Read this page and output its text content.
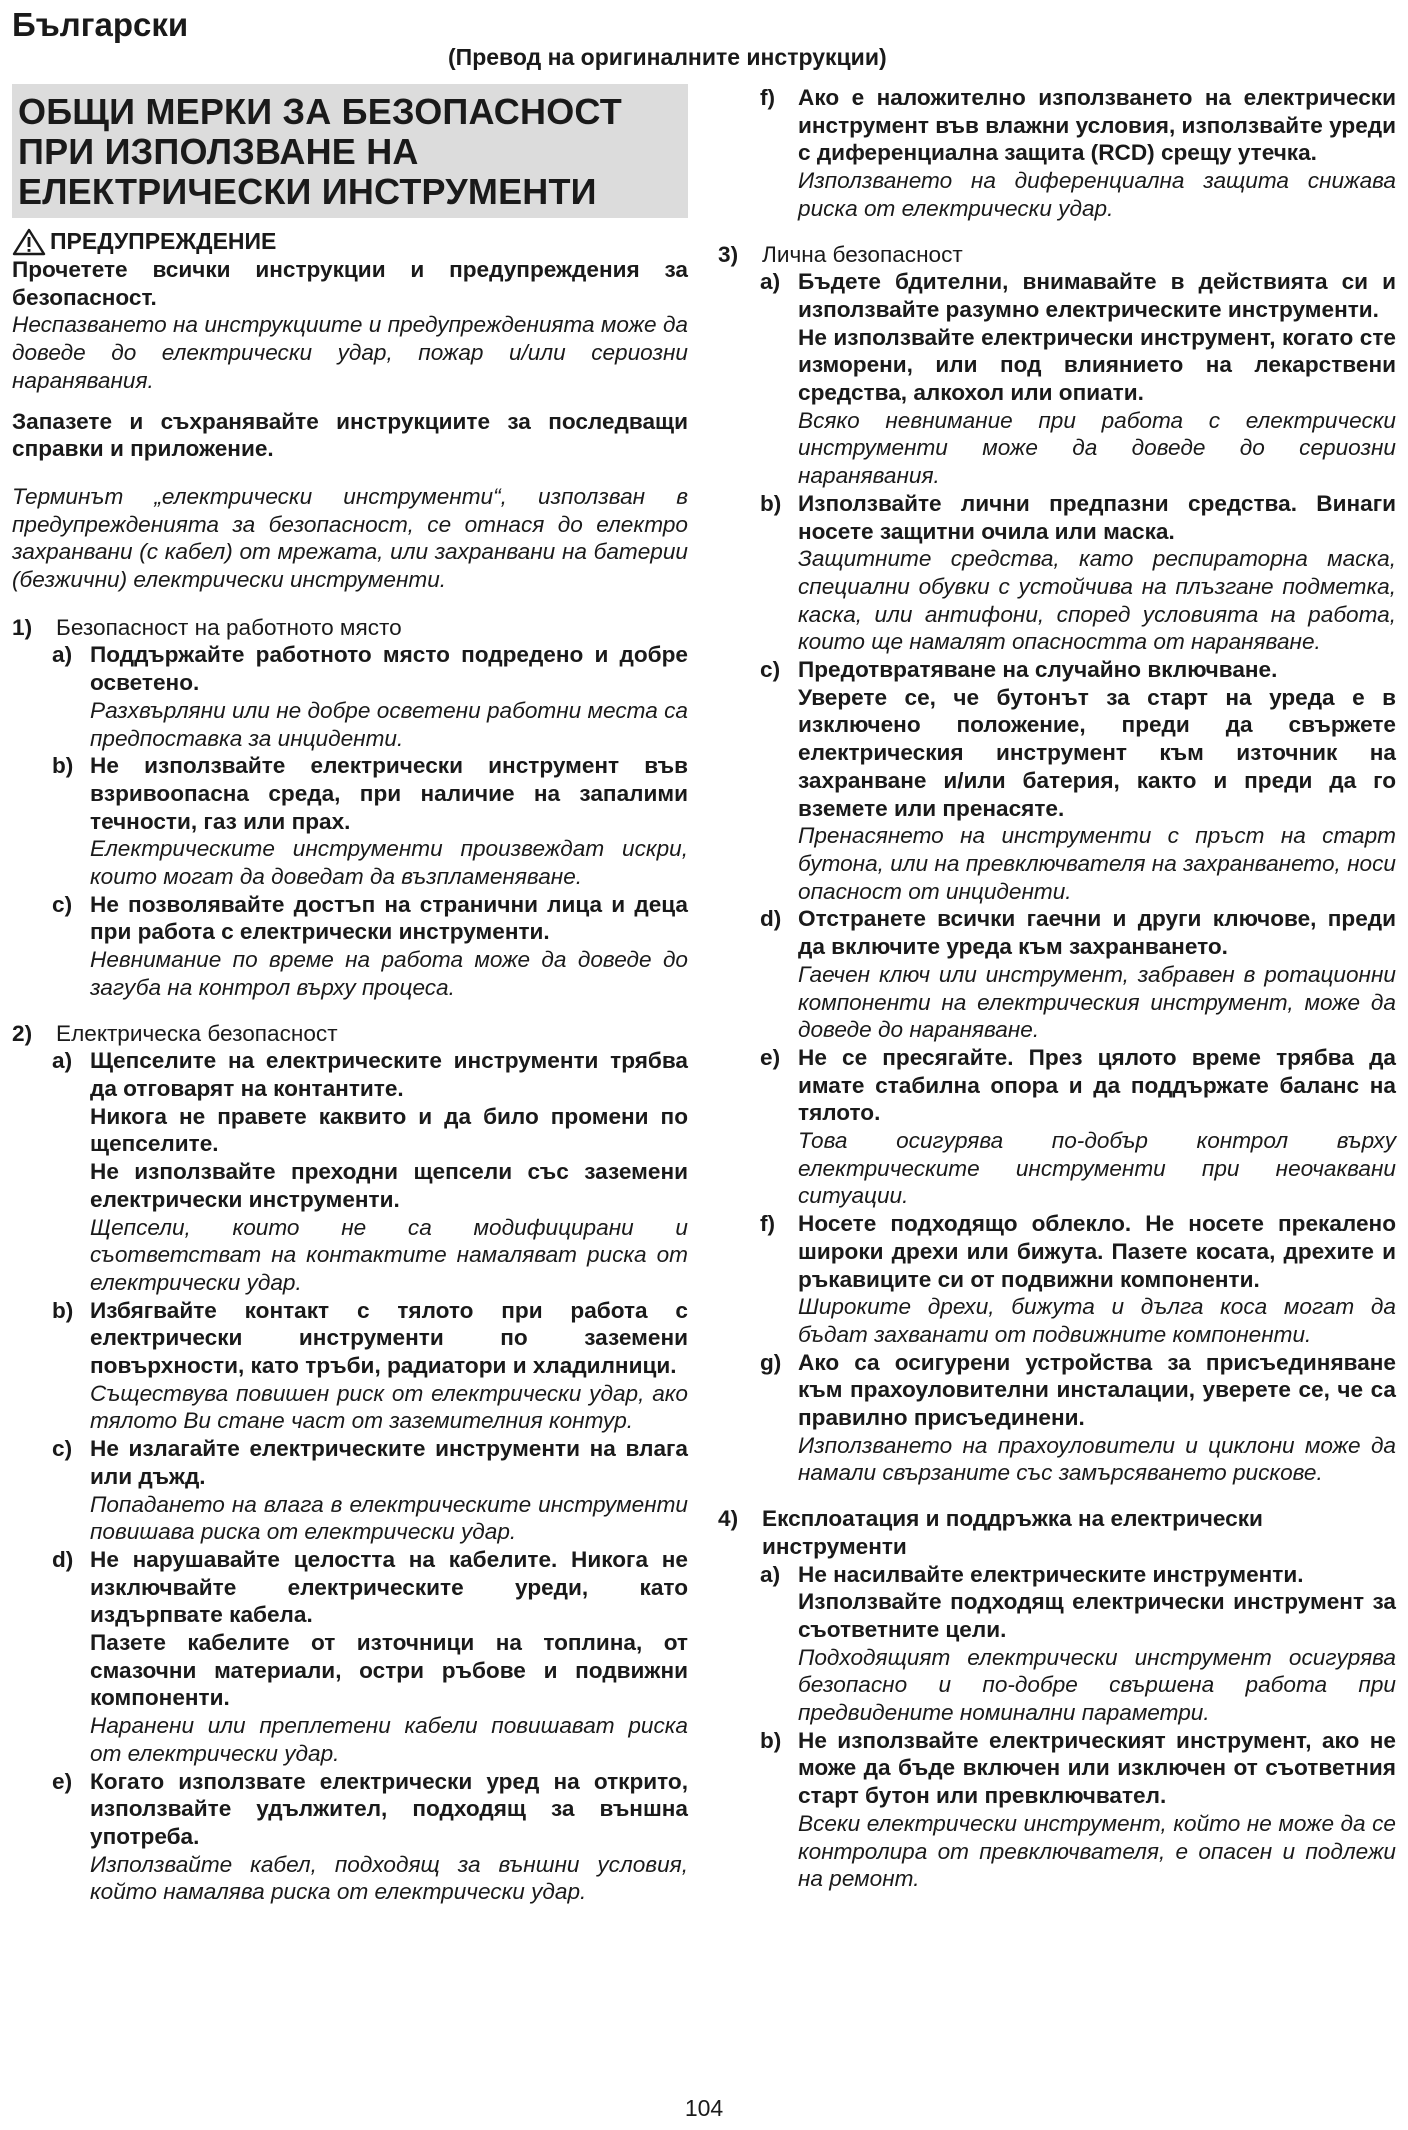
Български
(Превод на оригиналните инструкции)
ОБЩИ МЕРКИ ЗА БЕЗОПАСНОСТ
ПРИ ИЗПОЛЗВАНЕ НА
ЕЛЕКТРИЧЕСКИ ИНСТРУМЕНТИ
ПРЕДУПРЕЖДЕНИЕ

Прочетете всички инструкции и предупреждения за безопасност.

Неспазването на инструкциите и предупрежденията може да доведе до електрически удар, пожар и/или сериозни наранявания.

Запазете и съхранявайте инструкциите за последващи справки и приложение.

Терминът „електрически инструменти“, използван в предупрежденията за безопасност, се отнася до електро захранвани (с кабел) от мрежата, или захранвани на батерии (безжични) електрически инструменти.

1)	Безопасност на работното място
a) Поддържайте работното място подредено и добре осветено.

Разхвърляни или не добре осветени работни места са предпоставка за инциденти.

b) Не използвайте електрически инструмент във взривоопасна среда, при наличие на запалими течности, газ или прах.

Електрическите инструменти произвеждат искри, които могат да доведат да възпламеняване.

c) Не позволявайте достъп на странични лица и деца при работа с електрически инструменти.

Невнимание по време на работа може да доведе до загуба на контрол върху процеса.

2)	Електрическа безопасност
a) Щепселите на електрическите инструменти трябва да отговарят на контантите.

Никога не правете каквито и да било промени по щепселите.

Не използвайте преходни щепсели със заземени електрически инструменти.

Щепсели, които не са модифицирани и съответстват на контактите намаляват риска от електрически удар.

b) Избягвайте контакт с тялото при работа с електрически инструменти по заземени повърхности, като тръби, радиатори и хладилници.

Съществува повишен риск от електрически удар, ако тялото Ви стане част от заземителния контур.

c) Не излагайте електрическите инструменти на влага или дъжд.

Попадането на влага в електрическите инструменти повишава риска от електрически удар.

d) Не нарушавайте целостта на кабелите. Никога не изключвайте електрическите уреди, като издърпвате кабела.

Пазете кабелите от източници на топлина, от смазочни материали, остри ръбове и подвижни компоненти.

Наранени или преплетени кабели повишават риска от електрически удар.

e) Когато използвате електрически уред на открито, използвайте удължител, подходящ за външна употреба.

Използвайте кабел, подходящ за външни условия, който намалява риска от електрически удар.

f)	Ако е наложително използването на електрически инструмент във влажни условия, използвайте уреди с диференциална защита (RCD) срещу утечка.

Използването на диференциална защита снижава риска от електрически удар.

3)	Лична безопасност
a) Бъдете бдителни, внимавайте в действията си и използвайте разумно електрическите инструменти.

Не използвайте електрически инструмент, когато сте изморени, или под влиянието на лекарствени средства, алкохол или опиати.

Всяко невнимание при работа с електрически инструменти може да доведе до сериозни наранявания.

b) Използвайте лични предпазни средства. Винаги носете защитни очила или маска.

Защитните средства, като респираторна маска, специални обувки с устойчива на плъзгане подметка, каска, или антифони, според условията на работа, които ще намалят опасността от нараняване.

c) Предотвратяване на случайно включване.

Уверете се, че бутонът за старт на уреда е в изключено положение, преди да свържете електрическия инструмент към източник на захранване и/или батерия, както и преди да го вземете или пренасяте.

Пренасянето на инструменти с пръст на старт бутона, или на превключвателя на захранването, носи опасност от инциденти.

d) Отстранете всички гаечни и други ключове, преди да включите уреда към захранването.

Гаечен ключ или инструмент, забравен в ротационни компоненти на електрическия инструмент, може да доведе до нараняване.

e) Не се пресягайте. През цялото време трябва да имате стабилна опора и да поддържате баланс на тялото.

Това осигурява по-добър контрол върху електрическите инструменти при неочаквани ситуации.

f)	Носете подходящо облекло. Не носете прекалено широки дрехи или бижута. Пазете косата, дрехите и ръкавиците си от подвижни компоненти.

Широките дрехи, бижута и дълга коса могат да бъдат захванати от подвижните компоненти.

g) Ако са осигурени устройства за присъединяване към прахоуловителни инсталации, уверете се, че са правилно присъединени.

Използването на прахоуловители и циклони може да намали свързаните със замърсяването рискове.

4)	Експлоатация и поддръжка на електрически инструменти
a) Не насилвайте електрическите инструменти.

Използвайте подходящ електрически инструмент за съответните цели.

Подходящият електрически инструмент осигурява безопасно и по-добре свършена работа при предвидените номинални параметри.

b) Не използвайте електрическият инструмент, ако не може да бъде включен или изключен от съответния старт бутон или превключвател.

Всеки електрически инструмент, който не може да се контролира от превключвателя, е опасен и подлежи на ремонт.

104
